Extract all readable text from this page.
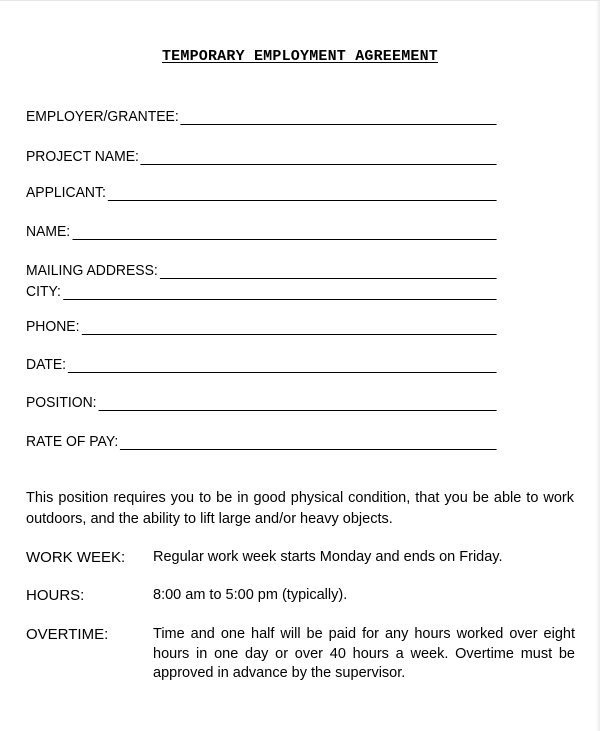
TEMPORARY EMPLOYMENT AGREEMENT
EMPLOYER/GRANTEE:
PROJECT NAME:
APPLICANT:
NAME:
MAILING ADDRESS:
CITY:
PHONE:
DATE:
POSITION:
RATE OF PAY:
This position requires you to be in good physical condition, that you be able to work outdoors, and the ability to lift large and/or heavy objects.
WORK WEEK: Regular work week starts Monday and ends on Friday.
HOURS:	8:00 am to 5:00 pm (typically).
OVERTIME:	Time and one half will be paid for any hours worked over eight hours in one day or over 40 hours a week. Overtime must be approved in advance by the supervisor.
